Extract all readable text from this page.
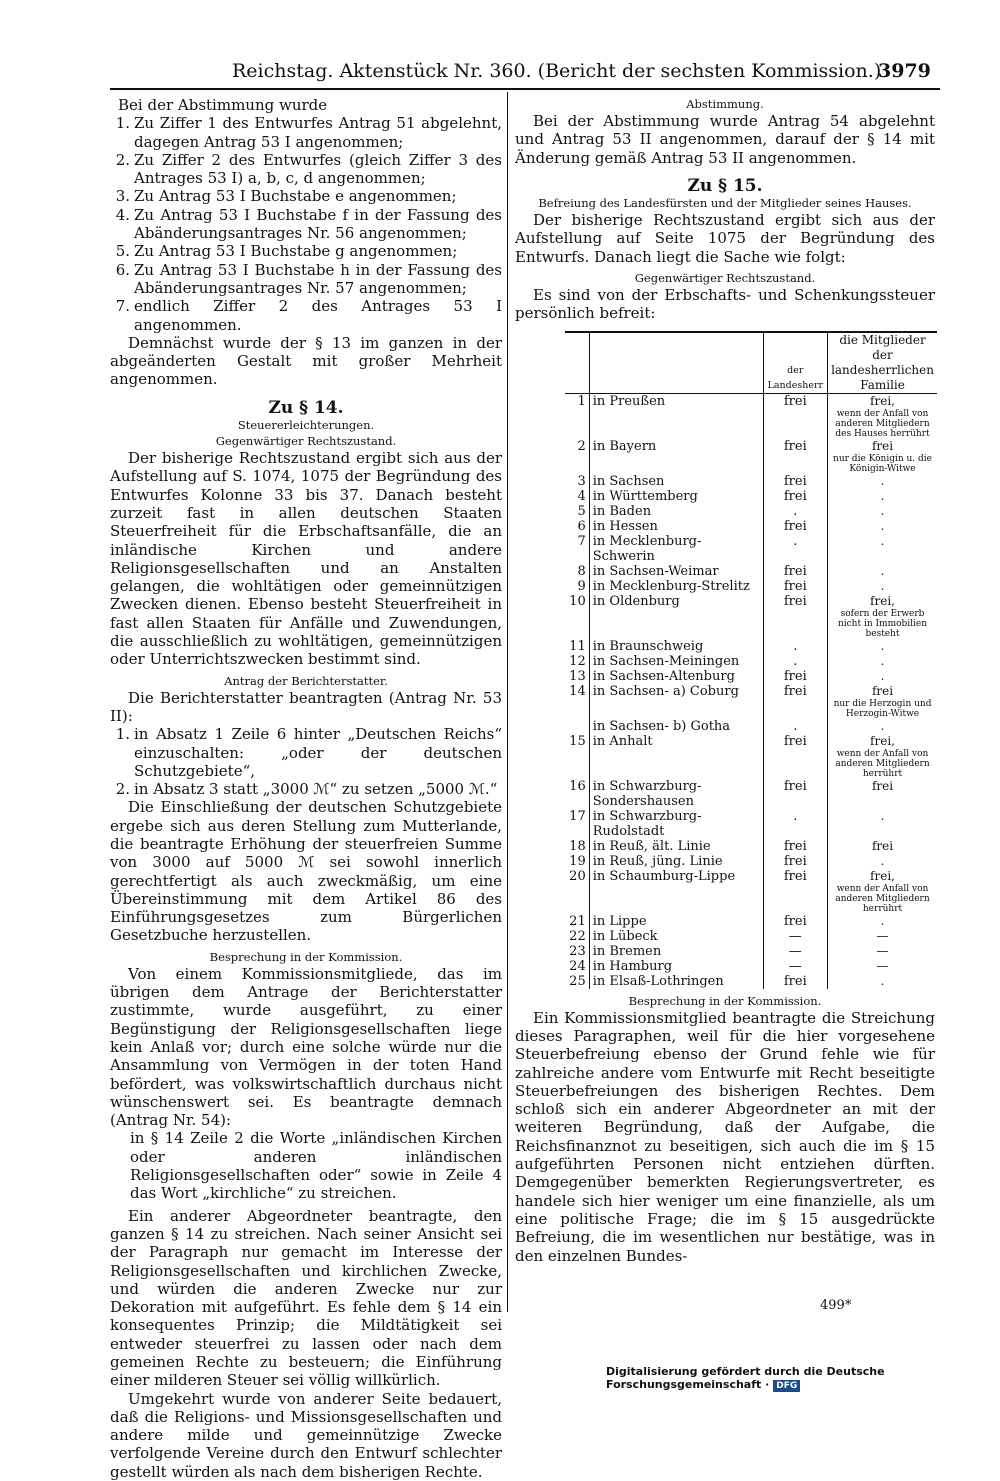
Reichstag. Aktenstück Nr. 360. (Bericht der sechsten Kommission.)
3979

Bei der Abstimmung wurde

1. Zu Ziffer 1 des Entwurfes Antrag 51 abgelehnt, dagegen Antrag 53 I angenommen;
2. Zu Ziffer 2 des Entwurfes (gleich Ziffer 3 des Antrages 53 I) a, b, c, d angenommen;
3. Zu Antrag 53 I Buchstabe e angenommen;
4. Zu Antrag 53 I Buchstabe f in der Fassung des Abänderungsantrages Nr. 56 angenommen;
5. Zu Antrag 53 I Buchstabe g angenommen;
6. Zu Antrag 53 I Buchstabe h in der Fassung des Abänderungsantrages Nr. 57 angenommen;
7. endlich Ziffer 2 des Antrages 53 I angenommen.

Demnächst wurde der § 13 im ganzen in der abgeänderten Gestalt mit großer Mehrheit angenommen.

Zu § 14.
Steuererleichterungen.
Gegenwärtiger Rechtszustand.

Der bisherige Rechtszustand ergibt sich aus der Aufstellung auf S. 1074, 1075 der Begründung des Entwurfes Kolonne 33 bis 37. Danach besteht zurzeit fast in allen deutschen Staaten Steuerfreiheit für die Erbschaftsanfälle, die an inländische Kirchen und andere Religionsgesellschaften und an Anstalten gelangen, die wohltätigen oder gemeinnützigen Zwecken dienen. Ebenso besteht Steuerfreiheit in fast allen Staaten für Anfälle und Zuwendungen, die ausschließlich zu wohltätigen, gemeinnützigen oder Unterrichtszwecken bestimmt sind.

Antrag der Berichterstatter.

Die Berichterstatter beantragten (Antrag Nr. 53 II):

1. in Absatz 1 Zeile 6 hinter „Deutschen Reichs“ einzuschalten: „oder der deutschen Schutzgebiete“,
2. in Absatz 3 statt „3000 ℳ“ zu setzen „5000 ℳ.“

Die Einschließung der deutschen Schutzgebiete ergebe sich aus deren Stellung zum Mutterlande, die beantragte Erhöhung der steuerfreien Summe von 3000 auf 5000 ℳ sei sowohl innerlich gerechtfertigt als auch zweckmäßig, um eine Übereinstimmung mit dem Artikel 86 des Einführungsgesetzes zum Bürgerlichen Gesetzbuche herzustellen.

Besprechung in der Kommission.

Von einem Kommissionsmitgliede, das im übrigen dem Antrage der Berichterstatter zustimmte, wurde ausgeführt, zu einer Begünstigung der Religionsgesellschaften liege kein Anlaß vor; durch eine solche würde nur die Ansammlung von Vermögen in der toten Hand befördert, was volkswirtschaftlich durchaus nicht wünschenswert sei. Es beantragte demnach (Antrag Nr. 54):

in § 14 Zeile 2 die Worte „inländischen Kirchen oder anderen inländischen Religionsgesellschaften oder“ sowie in Zeile 4 das Wort „kirchliche“ zu streichen.

Ein anderer Abgeordneter beantragte, den ganzen § 14 zu streichen. Nach seiner Ansicht sei der Paragraph nur gemacht im Interesse der Religionsgesellschaften und kirchlichen Zwecke, und würden die anderen Zwecke nur zur Dekoration mit aufgeführt. Es fehle dem § 14 ein konsequentes Prinzip; die Mildtätigkeit sei entweder steuerfrei zu lassen oder nach dem gemeinen Rechte zu besteuern; die Einführung einer milderen Steuer sei völlig willkürlich.

Umgekehrt wurde von anderer Seite bedauert, daß die Religions- und Missionsgesellschaften und andere milde und gemeinnützige Zwecke verfolgende Vereine durch den Entwurf schlechter gestellt würden als nach dem bisherigen Rechte.

Abstimmung.

Bei der Abstimmung wurde Antrag 54 abgelehnt und Antrag 53 II angenommen, darauf der § 14 mit Änderung gemäß Antrag 53 II angenommen.

Zu § 15.
Befreiung des Landesfürsten und der Mitglieder seines Hauses.

Der bisherige Rechtszustand ergibt sich aus der Aufstellung auf Seite 1075 der Begründung des Entwurfs. Danach liegt die Sache wie folgt:

Gegenwärtiger Rechtszustand.

Es sind von der Erbschafts- und Schenkungssteuer persönlich befreit:

		der Landesherr	die Mitglieder der landesherrlichen Familie
1	in Preußen	frei	frei,
wenn der Anfall von anderen Mitgliedern des Hauses herrührt

2	in Bayern	frei	frei
nur die Königin u. die Königin-Witwe

3	in Sachsen	frei	.
4	in Württemberg	frei	.
5	in Baden	.	.
6	in Hessen	frei	.
7	in Mecklenburg-Schwerin	.	.
8	in Sachsen-Weimar	frei	.
9	in Mecklenburg-Strelitz	frei	.
10	in Oldenburg	frei	frei,
sofern der Erwerb nicht in Immobilien besteht

11	in Braunschweig	.	.
12	in Sachsen-Meiningen	.	.
13	in Sachsen-Altenburg	frei	.
14	in Sachsen- a) Coburg	frei	frei
nur die Herzogin und Herzogin-Witwe

	in Sachsen- b) Gotha	.	.
15	in Anhalt	frei	frei,
wenn der Anfall von anderen Mitgliedern herrührt

16	in Schwarzburg-Sondershausen	frei	frei
17	in Schwarzburg-Rudolstadt	.	.
18	in Reuß, ält. Linie	frei	frei
19	in Reuß, jüng. Linie	frei	.
20	in Schaumburg-Lippe	frei	frei,
wenn der Anfall von anderen Mitgliedern herrührt

21	in Lippe	frei	.
22	in Lübeck	—	—
23	in Bremen	—	—
24	in Hamburg	—	—
25	in Elsaß-Lothringen	frei	.
Besprechung in der Kommission.

Ein Kommissionsmitglied beantragte die Streichung dieses Paragraphen, weil für die hier vorgesehene Steuerbefreiung ebenso der Grund fehle wie für zahlreiche andere vom Entwurfe mit Recht beseitigte Steuerbefreiungen des bisherigen Rechtes. Dem schloß sich ein anderer Abgeordneter an mit der weiteren Begründung, daß der Aufgabe, die Reichsfinanznot zu beseitigen, sich auch die im § 15 aufgeführten Personen nicht entziehen dürften. Demgegenüber bemerkten Regierungsvertreter, es handele sich hier weniger um eine finanzielle, als um eine politische Frage; die im § 15 ausgedrückte Befreiung, die im wesentlichen nur bestätige, was in den einzelnen Bundes-

499*
Digitalisierung gefördert durch die Deutsche Forschungsgemeinschaft · DFG
